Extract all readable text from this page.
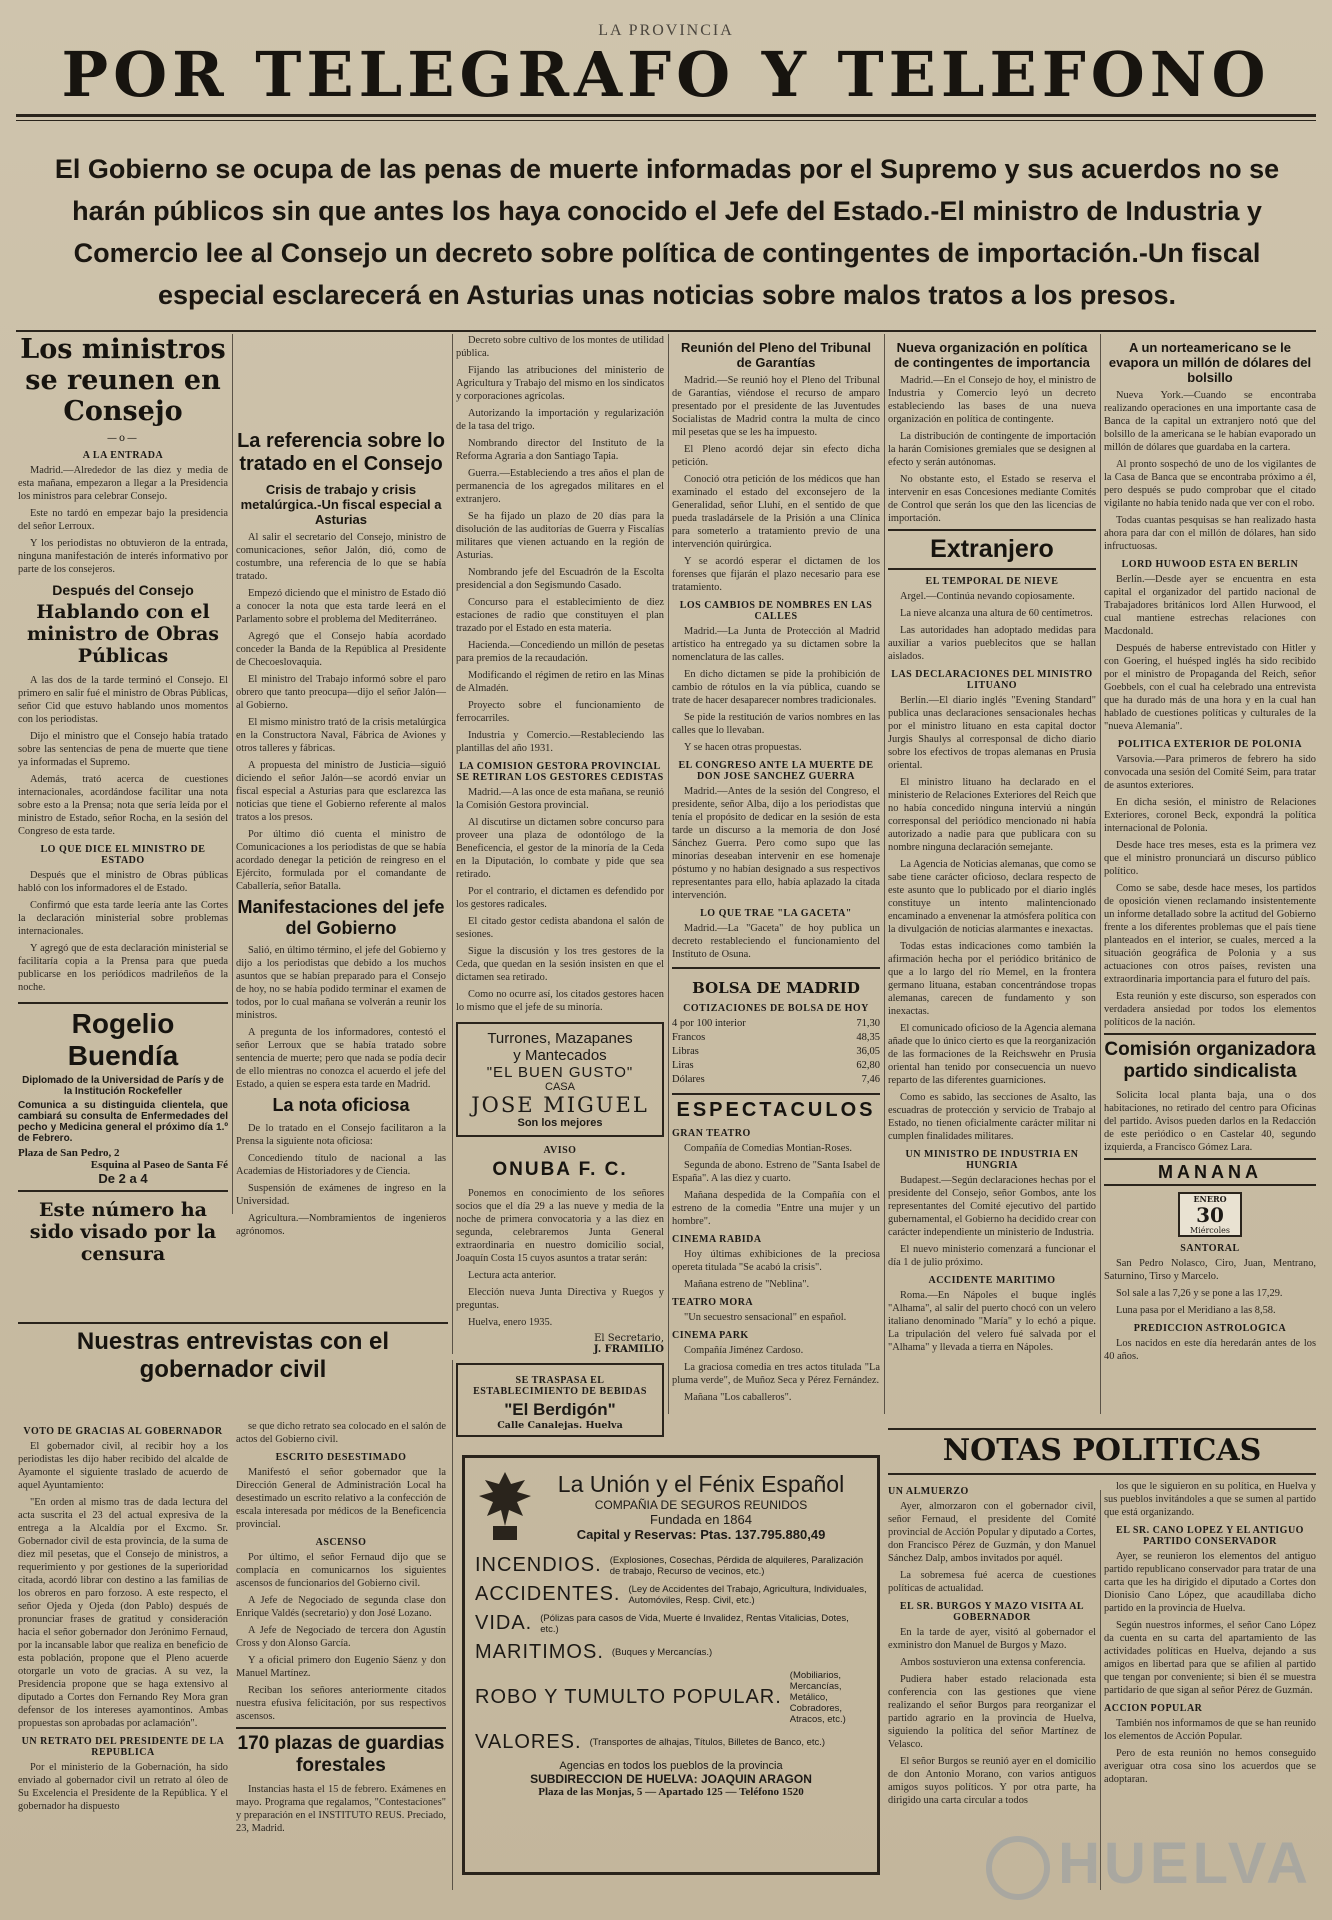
LA PROVINCIA
POR TELEGRAFO Y TELEFONO
El Gobierno se ocupa de las penas de muerte informadas por el Supremo y sus acuerdos no se harán públicos sin que antes los haya conocido el Jefe del Estado.-El ministro de Industria y Comercio lee al Consejo un decreto sobre política de contingentes de importación.-Un fiscal especial esclarecerá en Asturias unas noticias sobre malos tratos a los presos.
Los ministros se reunen en Consejo
—o—
A LA ENTRADA

Madrid.—Alrededor de las diez y media de esta mañana, empezaron a llegar a la Presidencia los ministros para celebrar Consejo.

Este no tardó en empezar bajo la presidencia del señor Lerroux.

Y los periodistas no obtuvieron de la entrada, ninguna manifestación de interés informativo por parte de los consejeros.

Después del Consejo
Hablando con el ministro de Obras Públicas

A las dos de la tarde terminó el Consejo. El primero en salir fué el ministro de Obras Públicas, señor Cid que estuvo hablando unos momentos con los periodistas.

Dijo el ministro que el Consejo había tratado sobre las sentencias de pena de muerte que tiene ya informadas el Supremo.

Además, trató acerca de cuestiones internacionales, acordándose facilitar una nota sobre esto a la Prensa; nota que sería leída por el ministro de Estado, señor Rocha, en la sesión del Congreso de esta tarde.

LO QUE DICE EL MINISTRO DE ESTADO

Después que el ministro de Obras públicas habló con los informadores el de Estado.

Confirmó que esta tarde leería ante las Cortes la declaración ministerial sobre problemas internacionales.

Y agregó que de esta declaración ministerial se facilitaría copia a la Prensa para que pueda publicarse en los periódicos madrileños de la noche.

Rogelio Buendía
Diplomado de la Universidad de París y de la Institución Rockefeller
Comunica a su distinguida clientela, que cambiará su consulta de Enfermedades del pecho y Medicina general el próximo día 1.º de Febrero.
Plaza de San Pedro, 2
Esquina al Paseo de Santa Fé
De 2 a 4
Este número ha sido visado por la censura
La referencia sobre lo tratado en el Consejo
Crisis de trabajo y crisis metalúrgica.-Un fiscal especial a Asturias

Al salir el secretario del Consejo, ministro de comunicaciones, señor Jalón, dió, como de costumbre, una referencia de lo que se había tratado.

Empezó diciendo que el ministro de Estado dió a conocer la nota que esta tarde leerá en el Parlamento sobre el problema del Mediterráneo.

Agregó que el Consejo había acordado conceder la Banda de la República al Presidente de Checoeslovaquia.

El ministro del Trabajo informó sobre el paro obrero que tanto preocupa—dijo el señor Jalón—al Gobierno.

El mismo ministro trató de la crisis metalúrgica en la Constructora Naval, Fábrica de Aviones y otros talleres y fábricas.

A propuesta del ministro de Justicia—siguió diciendo el señor Jalón—se acordó enviar un fiscal especial a Asturias para que esclarezca las noticias que tiene el Gobierno referente al malos tratos a los presos.

Por último dió cuenta el ministro de Comunicaciones a los periodistas de que se había acordado denegar la petición de reingreso en el Ejército, formulada por el comandante de Caballería, señor Batalla.

Manifestaciones del jefe del Gobierno

Salió, en último término, el jefe del Gobierno y dijo a los periodistas que debido a los muchos asuntos que se habían preparado para el Consejo de hoy, no se había podido terminar el examen de todos, por lo cual mañana se volverán a reunir los ministros.

A pregunta de los informadores, contestó el señor Lerroux que se había tratado sobre sentencia de muerte; pero que nada se podía decir de ello mientras no conozca el acuerdo el jefe del Estado, a quien se espera esta tarde en Madrid.

La nota oficiosa

De lo tratado en el Consejo facilitaron a la Prensa la siguiente nota oficiosa:

Concediendo título de nacional a las Academias de Historiadores y de Ciencia.

Suspensión de exámenes de ingreso en la Universidad.

Agricultura.—Nombramientos de ingenieros agrónomos.

Decreto sobre cultivo de los montes de utilidad pública.

Fijando las atribuciones del ministerio de Agricultura y Trabajo del mismo en los sindicatos y corporaciones agrícolas.

Autorizando la importación y regularización de la tasa del trigo.

Nombrando director del Instituto de la Reforma Agraria a don Santiago Tapia.

Guerra.—Estableciendo a tres años el plan de permanencia de los agregados militares en el extranjero.

Se ha fijado un plazo de 20 días para la disolución de las auditorías de Guerra y Fiscalías militares que vienen actuando en la región de Asturias.

Nombrando jefe del Escuadrón de la Escolta presidencial a don Segismundo Casado.

Concurso para el establecimiento de diez estaciones de radio que constituyen el plan trazado por el Estado en esta materia.

Hacienda.—Concediendo un millón de pesetas para premios de la recaudación.

Modificando el régimen de retiro en las Minas de Almadén.

Proyecto sobre el funcionamiento de ferrocarriles.

Industria y Comercio.—Restableciendo las plantillas del año 1931.

LA COMISION GESTORA PROVINCIAL SE RETIRAN LOS GESTORES CEDISTAS

Madrid.—A las once de esta mañana, se reunió la Comisión Gestora provincial.

Al discutirse un dictamen sobre concurso para proveer una plaza de odontólogo de la Beneficencia, el gestor de la minoría de la Ceda en la Diputación, lo combate y pide que sea retirado.

Por el contrario, el dictamen es defendido por los gestores radicales.

El citado gestor cedista abandona el salón de sesiones.

Sigue la discusión y los tres gestores de la Ceda, que quedan en la sesión insisten en que el dictamen sea retirado.

Como no ocurre así, los citados gestores hacen lo mismo que el jefe de su minoría.

Turrones, Mazapanes
y Mantecados
"EL BUEN GUSTO"
CASA
JOSE MIGUEL
Son los mejores
AVISO
ONUBA F. C.

Ponemos en conocimiento de los señores socios que el día 29 a las nueve y media de la noche de primera convocatoria y a las diez en segunda, celebraremos Junta General extraordinaria en nuestro domicilio social, Joaquín Costa 15 cuyos asuntos a tratar serán:

Lectura acta anterior.

Elección nueva Junta Directiva y Ruegos y preguntas.

Huelva, enero 1935.

El Secretario,
J. FRAMILIO
SE TRASPASA EL ESTABLECIMIENTO DE BEBIDAS
"El Berdigón"
Calle Canalejas. Huelva
Reunión del Pleno del Tribunal de Garantías

Madrid.—Se reunió hoy el Pleno del Tribunal de Garantías, viéndose el recurso de amparo presentado por el presidente de las Juventudes Socialistas de Madrid contra la multa de cinco mil pesetas que se les ha impuesto.

El Pleno acordó dejar sin efecto dicha petición.

Conoció otra petición de los médicos que han examinado el estado del exconsejero de la Generalidad, señor Lluhí, en el sentido de que pueda trasladársele de la Prisión a una Clínica para someterlo a tratamiento previo de una intervención quirúrgica.

Y se acordó esperar el dictamen de los forenses que fijarán el plazo necesario para ese tratamiento.

LOS CAMBIOS DE NOMBRES EN LAS CALLES

Madrid.—La Junta de Protección al Madrid artístico ha entregado ya su dictamen sobre la nomenclatura de las calles.

En dicho dictamen se pide la prohibición de cambio de rótulos en la vía pública, cuando se trate de hacer desaparecer nombres tradicionales.

Se pide la restitución de varios nombres en las calles que lo llevaban.

Y se hacen otras propuestas.

EL CONGRESO ANTE LA MUERTE DE DON JOSE SANCHEZ GUERRA

Madrid.—Antes de la sesión del Congreso, el presidente, señor Alba, dijo a los periodistas que tenía el propósito de dedicar en la sesión de esta tarde un discurso a la memoria de don José Sánchez Guerra. Pero como supo que las minorías deseaban intervenir en ese homenaje póstumo y no habían designado a sus respectivos representantes para ello, había aplazado la citada intervención.

LO QUE TRAE "LA GACETA"

Madrid.—La "Gaceta" de hoy publica un decreto restableciendo el funcionamiento del Instituto de Osuna.

BOLSA DE MADRID
COTIZACIONES DE BOLSA DE HOY
4 por 100 interior	71,30
Francos	48,35
Libras	36,05
Liras	62,80
Dólares	7,46
ESPECTACULOS
GRAN TEATRO

Compañía de Comedias Montian-Roses.

Segunda de abono. Estreno de "Santa Isabel de España". A las diez y cuarto.

Mañana despedida de la Compañía con el estreno de la comedia "Entre una mujer y un hombre".

CINEMA RABIDA

Hoy últimas exhibiciones de la preciosa opereta titulada "Se acabó la crisis".

Mañana estreno de "Neblina".

TEATRO MORA

"Un secuestro sensacional" en español.

CINEMA PARK

Compañía Jiménez Cardoso.

La graciosa comedia en tres actos titulada "La pluma verde", de Muñoz Seca y Pérez Fernández.

Mañana "Los caballeros".

Nueva organización en política de contingentes de importancia

Madrid.—En el Consejo de hoy, el ministro de Industria y Comercio leyó un decreto estableciendo las bases de una nueva organización en política de contingente.

La distribución de contingente de importación la harán Comisiones gremiales que se designen al efecto y serán autónomas.

No obstante esto, el Estado se reserva el intervenir en esas Concesiones mediante Comités de Control que serán los que den las licencias de importación.

Extranjero
EL TEMPORAL DE NIEVE

Argel.—Continúa nevando copiosamente.

La nieve alcanza una altura de 60 centímetros.

Las autoridades han adoptado medidas para auxiliar a varios pueblecitos que se hallan aislados.

LAS DECLARACIONES DEL MINISTRO LITUANO

Berlín.—El diario inglés "Evening Standard" publica unas declaraciones sensacionales hechas por el ministro lituano en esta capital doctor Jurgis Shaulys al corresponsal de dicho diario sobre los efectivos de tropas alemanas en Prusia oriental.

El ministro lituano ha declarado en el ministerio de Relaciones Exteriores del Reich que no había concedido ninguna interviú a ningún corresponsal del periódico mencionado ni había autorizado a nadie para que publicara con su nombre ninguna declaración semejante.

La Agencia de Noticias alemanas, que como se sabe tiene carácter oficioso, declara respecto de este asunto que lo publicado por el diario inglés constituye un intento malintencionado encaminado a envenenar la atmósfera política con la divulgación de noticias alarmantes e inexactas.

Todas estas indicaciones como también la afirmación hecha por el periódico británico de que a lo largo del río Memel, en la frontera germano lituana, estaban concentrándose tropas alemanas, carecen de fundamento y son inexactas.

El comunicado oficioso de la Agencia alemana añade que lo único cierto es que la reorganización de las formaciones de la Reichswehr en Prusia oriental han tenido por consecuencia un nuevo reparto de las diferentes guarniciones.

Como es sabido, las secciones de Asalto, las escuadras de protección y servicio de Trabajo al Estado, no tienen oficialmente carácter militar ni cumplen finalidades militares.

UN MINISTRO DE INDUSTRIA EN HUNGRIA

Budapest.—Según declaraciones hechas por el presidente del Consejo, señor Gombos, ante los representantes del Comité ejecutivo del partido gubernamental, el Gobierno ha decidido crear con carácter independiente un ministerio de Industria.

El nuevo ministerio comenzará a funcionar el día 1 de julio próximo.

ACCIDENTE MARITIMO

Roma.—En Nápoles el buque inglés "Alhama", al salir del puerto chocó con un velero italiano denominado "María" y lo echó a pique. La tripulación del velero fué salvada por el "Alhama" y llevada a tierra en Nápoles.

A un norteamericano se le evapora un millón de dólares del bolsillo

Nueva York.—Cuando se encontraba realizando operaciones en una importante casa de Banca de la capital un extranjero notó que del bolsillo de la americana se le habían evaporado un millón de dólares que guardaba en la cartera.

Al pronto sospechó de uno de los vigilantes de la Casa de Banca que se encontraba próximo a él, pero después se pudo comprobar que el citado vigilante no había tenido nada que ver con el robo.

Todas cuantas pesquisas se han realizado hasta ahora para dar con el millón de dólares, han sido infructuosas.

LORD HUWOOD ESTA EN BERLIN

Berlín.—Desde ayer se encuentra en esta capital el organizador del partido nacional de Trabajadores británicos lord Allen Hurwood, el cual mantiene estrechas relaciones con Macdonald.

Después de haberse entrevistado con Hitler y con Goering, el huésped inglés ha sido recibido por el ministro de Propaganda del Reich, señor Goebbels, con el cual ha celebrado una entrevista que ha durado más de una hora y en la cual han hablado de cuestiones políticas y culturales de la "nueva Alemania".

POLITICA EXTERIOR DE POLONIA

Varsovia.—Para primeros de febrero ha sido convocada una sesión del Comité Seim, para tratar de asuntos exteriores.

En dicha sesión, el ministro de Relaciones Exteriores, coronel Beck, expondrá la política internacional de Polonia.

Desde hace tres meses, esta es la primera vez que el ministro pronunciará un discurso público político.

Como se sabe, desde hace meses, los partidos de oposición vienen reclamando insistentemente un informe detallado sobre la actitud del Gobierno frente a los diferentes problemas que el país tiene planteados en el interior, se cuales, merced a la situación geográfica de Polonia y a sus actuaciones con otros países, revisten una extraordinaria importancia para el futuro del país.

Esta reunión y este discurso, son esperados con verdadera ansiedad por todos los elementos políticos de la nación.

Comisión organizadora partido sindicalista

Solicita local planta baja, una o dos habitaciones, no retirado del centro para Oficinas del partido. Avisos pueden darlos en la Redacción de este periódico o en Castelar 40, segundo izquierda, a Francisco Gómez Lara.

MANANA
ENERO
30
Miércoles
SANTORAL

San Pedro Nolasco, Ciro, Juan, Mentrano, Saturnino, Tirso y Marcelo.

Sol sale a las 7,26 y se pone a las 17,29.

Luna pasa por el Meridiano a las 8,58.

PREDICCION ASTROLOGICA

Los nacidos en este día heredarán antes de los 40 años.

Nuestras entrevistas con el gobernador civil
VOTO DE GRACIAS AL GOBERNADOR

El gobernador civil, al recibir hoy a los periodistas les dijo haber recibido del alcalde de Ayamonte el siguiente traslado de acuerdo de aquel Ayuntamiento:

"En orden al mismo tras de dada lectura del acta suscrita el 23 del actual expresiva de la entrega a la Alcaldía por el Excmo. Sr. Gobernador civil de esta provincia, de la suma de diez mil pesetas, que el Consejo de ministros, a requerimiento y por gestiones de la superioridad citada, acordó librar con destino a las familias de los obreros en paro forzoso. A este respecto, el señor Ojeda y Ojeda (don Pablo) después de pronunciar frases de gratitud y consideración hacia el señor gobernador don Jerónimo Fernaud, por la incansable labor que realiza en beneficio de esta población, propone que el Pleno acuerde otorgarle un voto de gracias. A su vez, la Presidencia propone que se haga extensivo al diputado a Cortes don Fernando Rey Mora gran defensor de los intereses ayamontinos. Ambas propuestas son aprobadas por aclamación".

UN RETRATO DEL PRESIDENTE DE LA REPUBLICA

Por el ministerio de la Gobernación, ha sido enviado al gobernador civil un retrato al óleo de Su Excelencia el Presidente de la República. Y el gobernador ha dispuesto

se que dicho retrato sea colocado en el salón de actos del Gobierno civil.

ESCRITO DESESTIMADO

Manifestó el señor gobernador que la Dirección General de Administración Local ha desestimado un escrito relativo a la confección de escala interesada por médicos de la Beneficencia provincial.

ASCENSO

Por último, el señor Fernaud dijo que se complacía en comunicarnos los siguientes ascensos de funcionarios del Gobierno civil.

A Jefe de Negociado de segunda clase don Enrique Valdés (secretario) y don José Lozano.

A Jefe de Negociado de tercera don Agustín Cross y don Alonso García.

Y a oficial primero don Eugenio Sáenz y don Manuel Martínez.

Reciban los señores anteriormente citados nuestra efusiva felicitación, por sus respectivos ascensos.

170 plazas de guardias forestales

Instancias hasta el 15 de febrero. Exámenes en mayo. Programa que regalamos, "Contestaciones" y preparación en el INSTITUTO REUS. Preciado, 23, Madrid.

La Unión y el Fénix Español
COMPAÑIA DE SEGUROS REUNIDOS
Fundada en 1864
Capital y Reservas: Ptas. 137.795.880,49
INCENDIOS. (Explosiones, Cosechas, Pérdida de alquileres, Paralización de trabajo, Recurso de vecinos, etc.)
ACCIDENTES. (Ley de Accidentes del Trabajo, Agricultura, Individuales, Automóviles, Resp. Civil, etc.)
VIDA. (Pólizas para casos de Vida, Muerte é Invalidez, Rentas Vitalicias, Dotes, etc.)
MARITIMOS. (Buques y Mercancías.)
ROBO Y TUMULTO POPULAR.
(Mobiliarios, Mercancías, Metálico, Cobradores, Atracos, etc.)
VALORES. (Transportes de alhajas, Títulos, Billetes de Banco, etc.)
Agencias en todos los pueblos de la provincia
SUBDIRECCION DE HUELVA: JOAQUIN ARAGON
Plaza de las Monjas, 5 — Apartado 125 — Teléfono 1520
NOTAS POLITICAS
UN ALMUERZO

Ayer, almorzaron con el gobernador civil, señor Fernaud, el presidente del Comité provincial de Acción Popular y diputado a Cortes, don Francisco Pérez de Guzmán, y don Manuel Sánchez Dalp, ambos invitados por aquél.

La sobremesa fué acerca de cuestiones políticas de actualidad.

EL SR. BURGOS Y MAZO VISITA AL GOBERNADOR

En la tarde de ayer, visitó al gobernador el exministro don Manuel de Burgos y Mazo.

Ambos sostuvieron una extensa conferencia.

Pudiera haber estado relacionada esta conferencia con las gestiones que viene realizando el señor Burgos para reorganizar el partido agrario en la provincia de Huelva, siguiendo la política del señor Martínez de Velasco.

El señor Burgos se reunió ayer en el domicilio de don Antonio Morano, con varios antiguos amigos suyos políticos. Y por otra parte, ha dirigido una carta circular a todos

los que le siguieron en su política, en Huelva y sus pueblos invitándoles a que se sumen al partido que está organizando.

EL SR. CANO LOPEZ Y EL ANTIGUO PARTIDO CONSERVADOR

Ayer, se reunieron los elementos del antiguo partido republicano conservador para tratar de una carta que les ha dirigido el diputado a Cortes don Dionisio Cano López, que acaudillaba dicho partido en la provincia de Huelva.

Según nuestros informes, el señor Cano López da cuenta en su carta del apartamiento de las actividades políticas en Huelva, dejando a sus amigos en libertad para que se afilien al partido que tengan por conveniente; si bien él se muestra partidario de que sigan al señor Pérez de Guzmán.

ACCION POPULAR

También nos informamos de que se han reunido los elementos de Acción Popular.

Pero de esta reunión no hemos conseguido averiguar otra cosa sino los acuerdos que se adoptaran.

HUELVA
